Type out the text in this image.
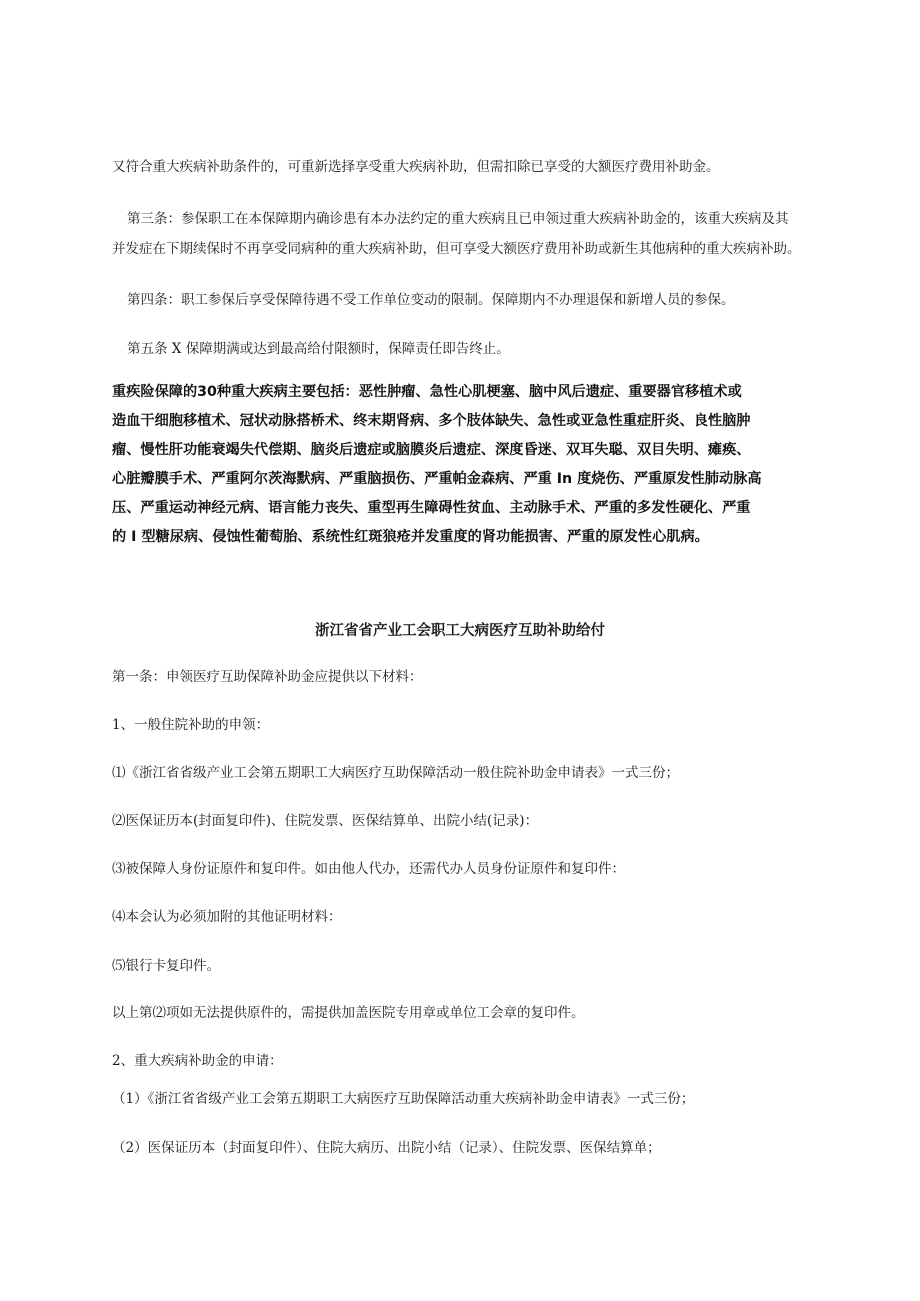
又符合重大疾病补助条件的，可重新选择享受重大疾病补助，但需扣除已享受的大额医疗费用补助金。
第三条：参保职工在本保障期内确诊患有本办法约定的重大疾病且已申领过重大疾病补助金的，该重大疾病及其
并发症在下期续保时不再享受同病种的重大疾病补助，但可享受大额医疗费用补助或新生其他病种的重大疾病补助。
第四条：职工参保后享受保障待遇不受工作单位变动的限制。保障期内不办理退保和新增人员的参保。
第五条 X 保障期满或达到最高给付限额时，保障责任即告终止。

重疾险保障的30种重大疾病主要包括：恶性肿瘤、急性心肌梗塞、脑中风后遗症、重要器官移植术或

造血干细胞移植术、冠状动脉搭桥术、终末期肾病、多个肢体缺失、急性或亚急性重症肝炎、良性脑肿

瘤、慢性肝功能衰竭失代偿期、脑炎后遗症或脑膜炎后遗症、深度昏迷、双耳失聪、双目失明、瘫痪、

心脏瓣膜手术、严重阿尔茨海默病、严重脑损伤、严重帕金森病、严重 In 度烧伤、严重原发性肺动脉高

压、严重运动神经元病、语言能力丧失、重型再生障碍性贫血、主动脉手术、严重的多发性硬化、严重

的 I 型糖尿病、侵蚀性葡萄胎、系统性红斑狼疮并发重度的肾功能损害、严重的原发性心肌病。

浙江省省产业工会职工大病医疗互助补助给付
第一条：申领医疗互助保障补助金应提供以下材料：
1、一般住院补助的申领：
⑴《浙江省省级产业工会第五期职工大病医疗互助保障活动一般住院补助金申请表》一式三份；
⑵医保证历本(封面复印件)、住院发票、医保结算单、出院小结(记录)：
⑶被保障人身份证原件和复印件。如由他人代办，还需代办人员身份证原件和复印件：
⑷本会认为必须加附的其他证明材料：
⑸银行卡复印件。
以上第⑵项如无法提供原件的，需提供加盖医院专用章或单位工会章的复印件。
2、重大疾病补助金的申请：
（1）《浙江省省级产业工会第五期职工大病医疗互助保障活动重大疾病补助金申请表》一式三份；
（2）医保证历本（封面复印件）、住院大病历、出院小结（记录）、住院发票、医保结算单；
